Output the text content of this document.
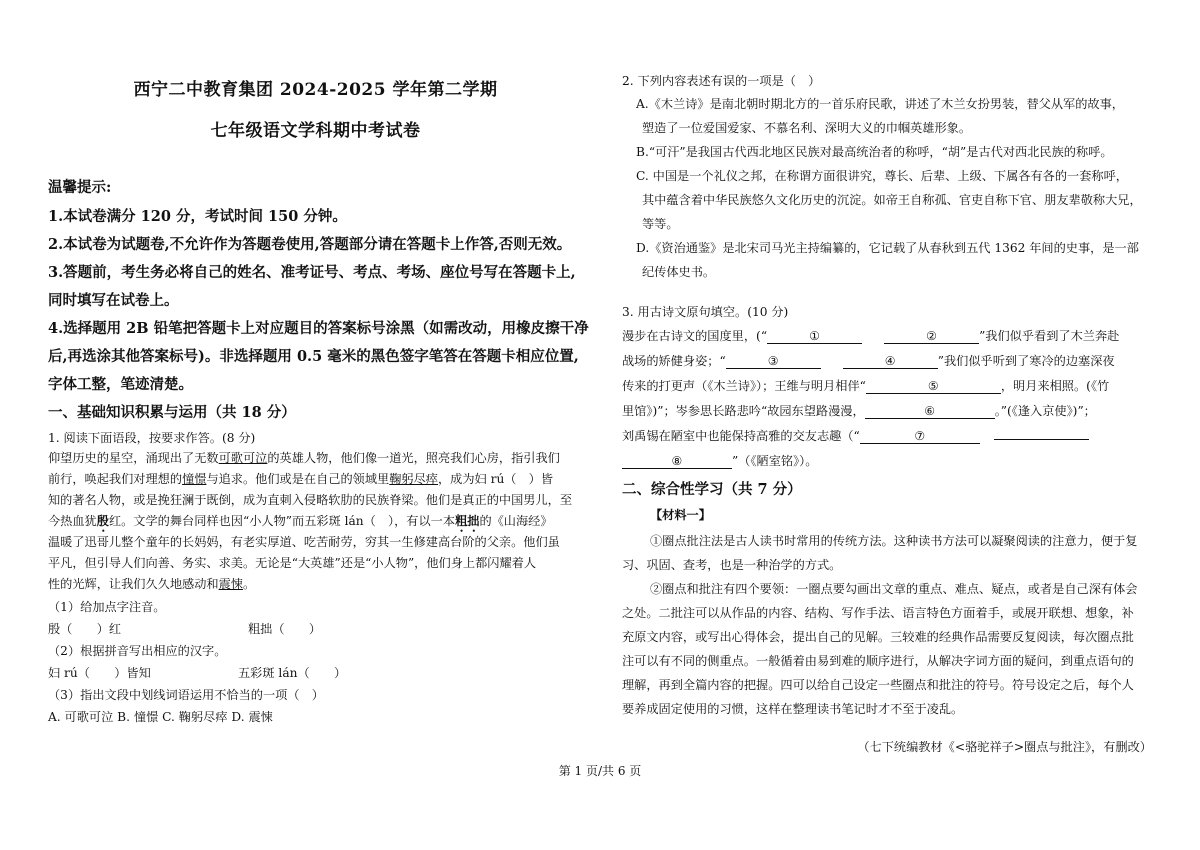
西宁二中教育集团 2024-2025 学年第二学期
七年级语文学科期中考试卷
温馨提示:
1.本试卷满分 120 分，考试时间 150 分钟。
2.本试卷为试题卷,不允许作为答题卷使用,答题部分请在答题卡上作答,否则无效。
3.答题前，考生务必将自己的姓名、准考证号、考点、考场、座位号写在答题卡上,
同时填写在试卷上。
4.选择题用 2B 铅笔把答题卡上对应题目的答案标号涂黑（如需改动，用橡皮擦干净
后,再选涂其他答案标号)。非选择题用 0.5 毫米的黑色签字笔答在答题卡相应位置,
字体工整，笔迹清楚。
一、基础知识积累与运用（共 18 分）
1. 阅读下面语段，按要求作答。(8 分)
仰望历史的星空，涌现出了无数可歌可泣的英雄人物，他们像一道光，照亮我们心房，指引我们
前行，唤起我们对理想的憧憬与追求。他们或是在自己的领域里鞠躬尽瘁，成为妇 rú（　）皆
知的著名人物，或是挽狂澜于既倒，成为直刺入侵略软肋的民族脊梁。他们是真正的中国男儿，至
今热血犹殷红。文学的舞台同样也因“小人物”而五彩斑 lán（　），有以一本粗拙的《山海经》
温暖了迅哥儿整个童年的长妈妈，有老实厚道、吃苦耐劳，穷其一生修建高台阶的父亲。他们虽
平凡，但引导人们向善、务实、求美。无论是“大英雄”还是“小人物”，他们身上都闪耀着人
性的光辉，让我们久久地感动和震悚。
（1）给加点字注音。
殷（　　）红	粗拙（　　）
（2）根据拼音写出相应的汉字。
妇 rú（　　）皆知	五彩斑 lán（　　）
（3）指出文段中划线词语运用不恰当的一项（　）
A. 可歌可泣 B. 憧憬 C. 鞠躬尽瘁 D. 震悚
2. 下列内容表述有误的一项是（　）
A.《木兰诗》是南北朝时期北方的一首乐府民歌，讲述了木兰女扮男装，替父从军的故事，
塑造了一位爱国爱家、不慕名利、深明大义的巾帼英雄形象。
B.“可汗”是我国古代西北地区民族对最高统治者的称呼，“胡”是古代对西北民族的称呼。
C. 中国是一个礼仪之邦，在称谓方面很讲究，尊长、后辈、上级、下属各有各的一套称呼，
其中蕴含着中华民族悠久文化历史的沉淀。如帝王自称孤、官吏自称下官、朋友辈敬称大兄，
等等。
D.《资治通鉴》是北宋司马光主持编纂的，它记载了从春秋到五代 1362 年间的史事，是一部
纪传体史书。
3. 用古诗文原句填空。(10 分)
漫步在古诗文的国度里，(“	①	②	”我们似乎看到了木兰奔赴
战场的矫健身姿；“	③	④	”我们似乎听到了寒冷的边塞深夜
传来的打更声（《木兰诗》）；王维与明月相伴“	⑤	，明月来相照。(《竹
里馆》)”；岑参思长路悲吟“故园东望路漫漫，	⑥	。”(《逢入京使》)”；
刘禹锡在陋室中也能保持高雅的交友志趣（“	⑦
⑧	”（《陋室铭》）。
二、综合性学习（共 7 分）
【材料一】
①圈点批注法是古人读书时常用的传统方法。这种读书方法可以凝聚阅读的注意力，便于复
习、巩固、查考，也是一种治学的方式。
②圈点和批注有四个要领：一圈点要勾画出文章的重点、难点、疑点，或者是自己深有体会
之处。二批注可以从作品的内容、结构、写作手法、语言特色方面着手，或展开联想、想象，补
充原文内容，或写出心得体会，提出自己的见解。三较难的经典作品需要反复阅读，每次圈点批
注可以有不同的侧重点。一般循着由易到难的顺序进行，从解决字词方面的疑问，到重点语句的
理解，再到全篇内容的把握。四可以给自己设定一些圈点和批注的符号。符号设定之后，每个人
要养成固定使用的习惯，这样在整理读书笔记时才不至于凌乱。
（七下统编教材《<骆驼祥子>圈点与批注》，有删改）
第 1 页/共 6 页
